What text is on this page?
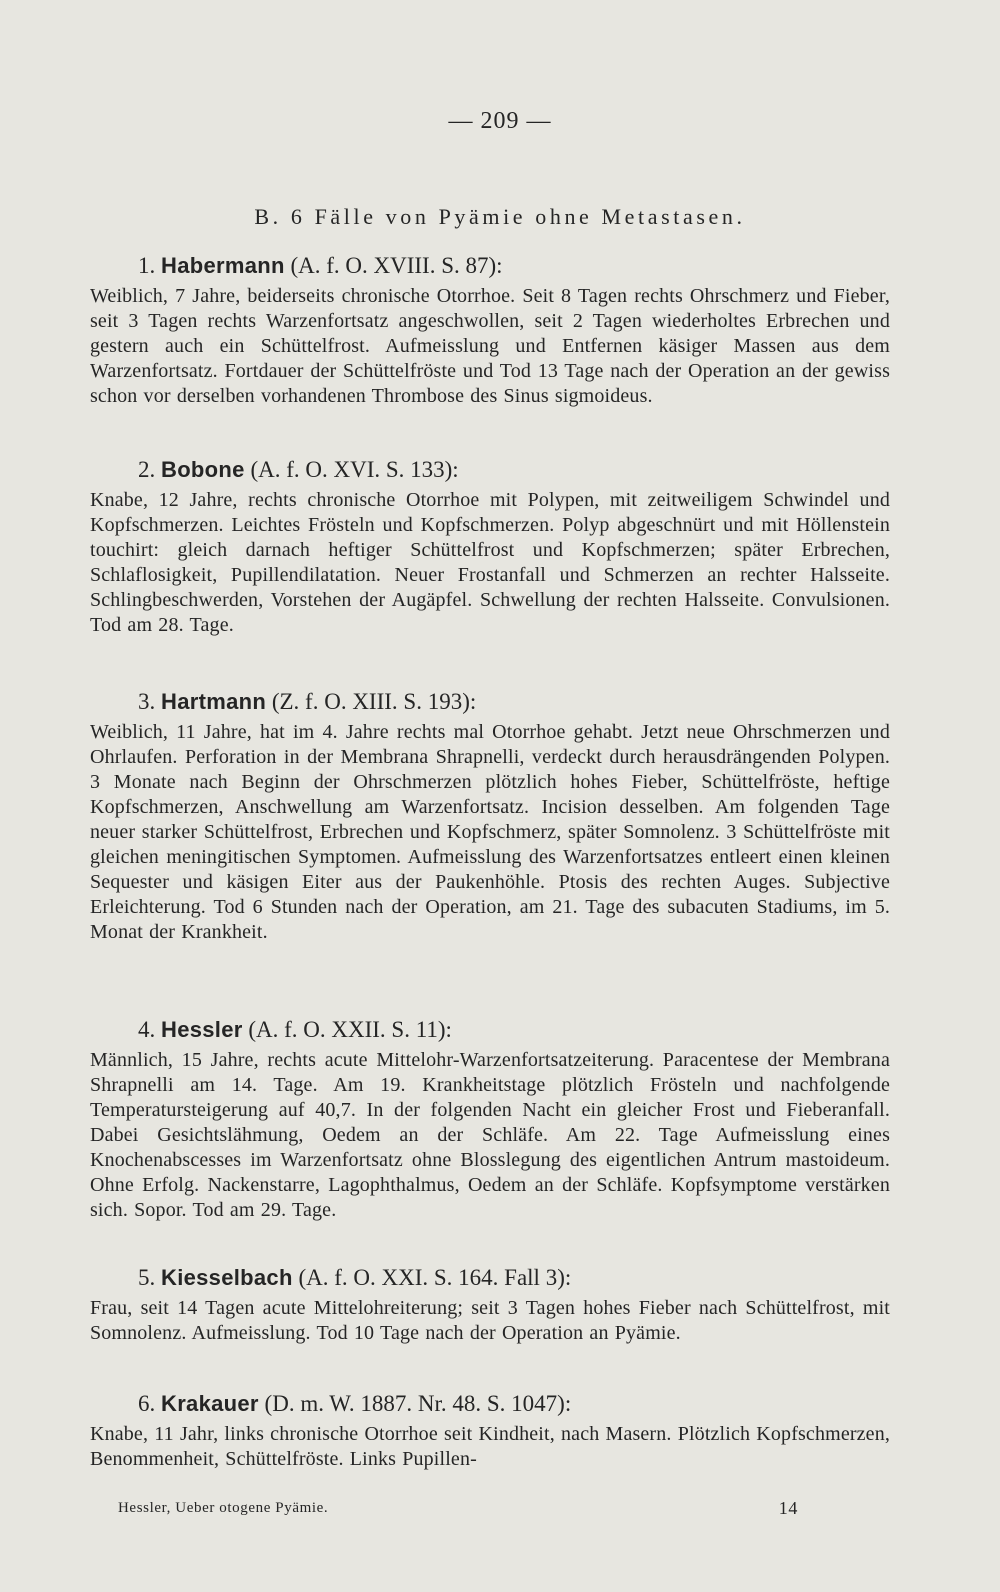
— 209 —
B. 6 Fälle von Pyämie ohne Metastasen.
1. Habermann (A. f. O. XVIII. S. 87):
Weiblich, 7 Jahre, beiderseits chronische Otorrhoe. Seit 8 Tagen rechts Ohrschmerz und Fieber, seit 3 Tagen rechts Warzenfortsatz angeschwollen, seit 2 Tagen wiederholtes Erbrechen und gestern auch ein Schüttelfrost. Aufmeisslung und Entfernen käsiger Massen aus dem Warzenfortsatz. Fortdauer der Schüttelfröste und Tod 13 Tage nach der Operation an der gewiss schon vor derselben vorhandenen Thrombose des Sinus sigmoideus.
2. Bobone (A. f. O. XVI. S. 133):
Knabe, 12 Jahre, rechts chronische Otorrhoe mit Polypen, mit zeitweiligem Schwindel und Kopfschmerzen. Leichtes Frösteln und Kopfschmerzen. Polyp abgeschnürt und mit Höllenstein touchirt: gleich darnach heftiger Schüttelfrost und Kopfschmerzen; später Erbrechen, Schlaflosigkeit, Pupillendilatation. Neuer Frostanfall und Schmerzen an rechter Halsseite. Schlingbeschwerden, Vorstehen der Augäpfel. Schwellung der rechten Halsseite. Convulsionen. Tod am 28. Tage.
3. Hartmann (Z. f. O. XIII. S. 193):
Weiblich, 11 Jahre, hat im 4. Jahre rechts mal Otorrhoe gehabt. Jetzt neue Ohrschmerzen und Ohrlaufen. Perforation in der Membrana Shrapnelli, verdeckt durch herausdrängenden Polypen. 3 Monate nach Beginn der Ohrschmerzen plötzlich hohes Fieber, Schüttelfröste, heftige Kopfschmerzen, Anschwellung am Warzenfortsatz. Incision desselben. Am folgenden Tage neuer starker Schüttelfrost, Erbrechen und Kopfschmerz, später Somnolenz. 3 Schüttelfröste mit gleichen meningitischen Symptomen. Aufmeisslung des Warzenfortsatzes entleert einen kleinen Sequester und käsigen Eiter aus der Paukenhöhle. Ptosis des rechten Auges. Subjective Erleichterung. Tod 6 Stunden nach der Operation, am 21. Tage des subacuten Stadiums, im 5. Monat der Krankheit.
4. Hessler (A. f. O. XXII. S. 11):
Männlich, 15 Jahre, rechts acute Mittelohr-Warzenfortsatzeiterung. Paracentese der Membrana Shrapnelli am 14. Tage. Am 19. Krankheitstage plötzlich Frösteln und nachfolgende Temperatursteigerung auf 40,7. In der folgenden Nacht ein gleicher Frost und Fieberanfall. Dabei Gesichtslähmung, Oedem an der Schläfe. Am 22. Tage Aufmeisslung eines Knochenabscesses im Warzenfortsatz ohne Blosslegung des eigentlichen Antrum mastoideum. Ohne Erfolg. Nackenstarre, Lagophthalmus, Oedem an der Schläfe. Kopfsymptome verstärken sich. Sopor. Tod am 29. Tage.
5. Kiesselbach (A. f. O. XXI. S. 164. Fall 3):
Frau, seit 14 Tagen acute Mittelohreiterung; seit 3 Tagen hohes Fieber nach Schüttelfrost, mit Somnolenz. Aufmeisslung. Tod 10 Tage nach der Operation an Pyämie.
6. Krakauer (D. m. W. 1887. Nr. 48. S. 1047):
Knabe, 11 Jahr, links chronische Otorrhoe seit Kindheit, nach Masern. Plötzlich Kopfschmerzen, Benommenheit, Schüttelfröste. Links Pupillen-
Hessler, Ueber otogene Pyämie.	14
